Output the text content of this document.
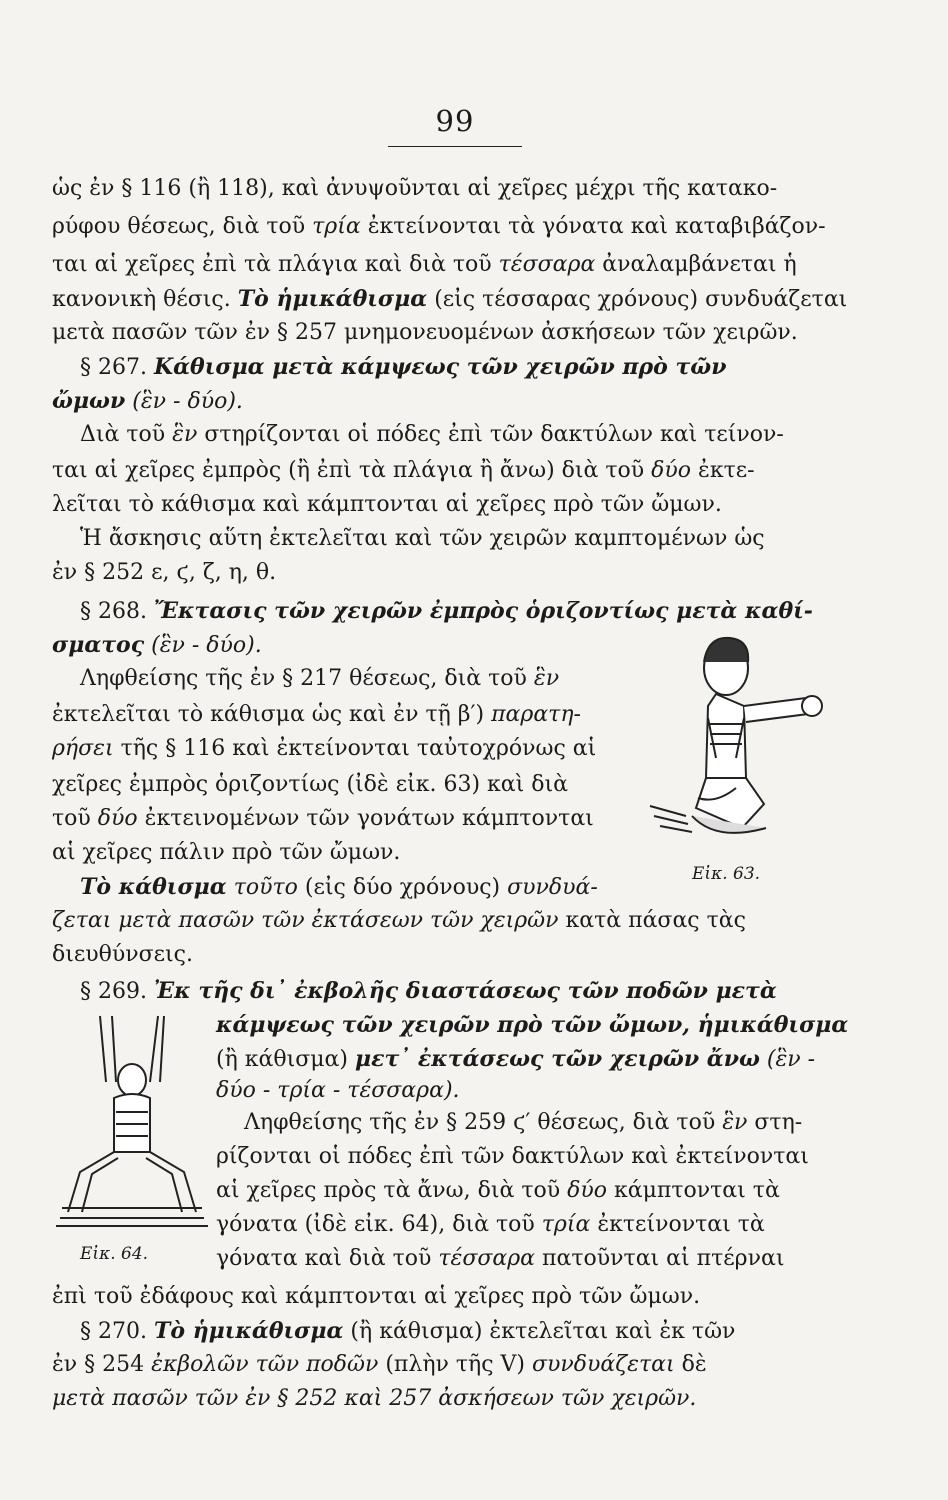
99
ὡς ἐν § 116 (ἢ 118), καὶ ἀνυψοῦνται αἱ χεῖρες μέχρι τῆς κατακο-
ρύφου θέσεως, διὰ τοῦ τρία ἐκτείνονται τὰ γόνατα καὶ καταβιβάζον-
ται αἱ χεῖρες ἐπὶ τὰ πλάγια καὶ διὰ τοῦ τέσσαρα ἀναλαμβάνεται ἡ
κανονικὴ θέσις. Τὸ ἡμικάθισμα (εἰς τέσσαρας χρόνους) συνδυάζεται
μετὰ πασῶν τῶν ἐν § 257 μνημονευομένων ἀσκήσεων τῶν χειρῶν.
§ 267. Κάθισμα μετὰ κάμψεως τῶν χειρῶν πρὸ τῶν
ὤμων (ἓν - δύο).
Διὰ τοῦ ἓν στηρίζονται οἱ πόδες ἐπὶ τῶν δακτύλων καὶ τείνον-
ται αἱ χεῖρες ἐμπρὸς (ἢ ἐπὶ τὰ πλάγια ἢ ἄνω) διὰ τοῦ δύο ἐκτε-
λεῖται τὸ κάθισμα καὶ κάμπτονται αἱ χεῖρες πρὸ τῶν ὤμων.
Ἡ ἄσκησις αὕτη ἐκτελεῖται καὶ τῶν χειρῶν καμπτομένων ὡς
ἐν § 252 ε, ϛ, ζ, η, θ.
§ 268. Ἔκτασις τῶν χειρῶν ἐμπρὸς ὁριζοντίως μετὰ καθί-
σματος (ἓν - δύο).
Ληφθείσης τῆς ἐν § 217 θέσεως, διὰ τοῦ ἓν
ἐκτελεῖται τὸ κάθισμα ὡς καὶ ἐν τῇ β′) παρατη-
ρήσει τῆς § 116 καὶ ἐκτείνονται ταὐτοχρόνως αἱ
χεῖρες ἐμπρὸς ὁριζοντίως (ἰδὲ εἰκ. 63) καὶ διὰ
τοῦ δύο ἐκτεινομένων τῶν γονάτων κάμπτονται
αἱ χεῖρες πάλιν πρὸ τῶν ὤμων.
Τὸ κάθισμα τοῦτο (εἰς δύο χρόνους) συνδυά-
ζεται μετὰ πασῶν τῶν ἐκτάσεων τῶν χειρῶν κατὰ πάσας τὰς
διευθύνσεις.
§ 269. Ἐκ τῆς δι᾽ ἐκβολῆς διαστάσεως τῶν ποδῶν μετὰ
κάμψεως τῶν χειρῶν πρὸ τῶν ὤμων, ἡμικάθισμα
(ἢ κάθισμα) μετ᾽ ἐκτάσεως τῶν χειρῶν ἄνω (ἓν -
δύο - τρία - τέσσαρα).
Ληφθείσης τῆς ἐν § 259 ϛ′ θέσεως, διὰ τοῦ ἓν στη-
ρίζονται οἱ πόδες ἐπὶ τῶν δακτύλων καὶ ἐκτείνονται
αἱ χεῖρες πρὸς τὰ ἄνω, διὰ τοῦ δύο κάμπτονται τὰ
γόνατα (ἰδὲ εἰκ. 64), διὰ τοῦ τρία ἐκτείνονται τὰ
γόνατα καὶ διὰ τοῦ τέσσαρα πατοῦνται αἱ πτέρναι
ἐπὶ τοῦ ἐδάφους καὶ κάμπτονται αἱ χεῖρες πρὸ τῶν ὤμων.
§ 270. Τὸ ἡμικάθισμα (ἢ κάθισμα) ἐκτελεῖται καὶ ἐκ τῶν
ἐν § 254 ἐκβολῶν τῶν ποδῶν (πλὴν τῆς V) συνδυάζεται δὲ
μετὰ πασῶν τῶν ἐν § 252 καὶ 257 ἀσκήσεων τῶν χειρῶν.
Εἰκ. 63.
Εἰκ. 64.
